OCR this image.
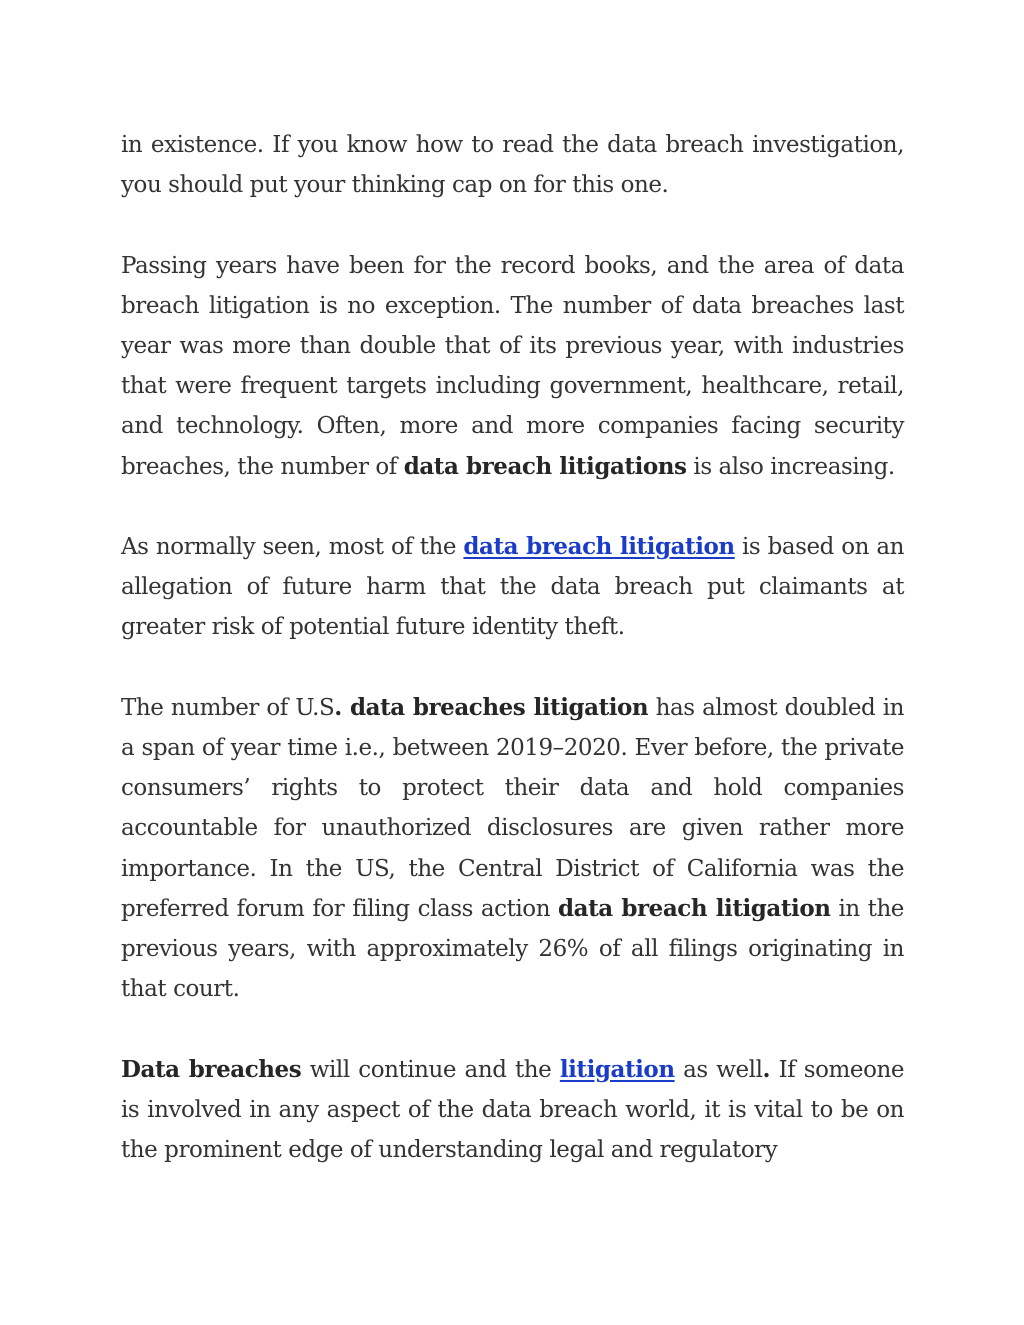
in existence. If you know how to read the data breach investigation, you should put your thinking cap on for this one.

Passing years have been for the record books, and the area of data breach litigation is no exception. The number of data breaches last year was more than double that of its previous year, with industries that were frequent targets including government, healthcare, retail, and technology. Often, more and more companies facing security breaches, the number of data breach litigations is also increasing.

As normally seen, most of the data breach litigation is based on an allegation of future harm that the data breach put claimants at greater risk of potential future identity theft.

The number of U.S. data breaches litigation has almost doubled in a span of year time i.e., between 2019–2020. Ever before, the private consumers’ rights to protect their data and hold companies accountable for unauthorized disclosures are given rather more importance. In the US, the Central District of California was the preferred forum for filing class action data breach litigation in the previous years, with approximately 26% of all filings originating in that court.

Data breaches will continue and the litigation as well. If someone is involved in any aspect of the data breach world, it is vital to be on the prominent edge of understanding legal and regulatory
